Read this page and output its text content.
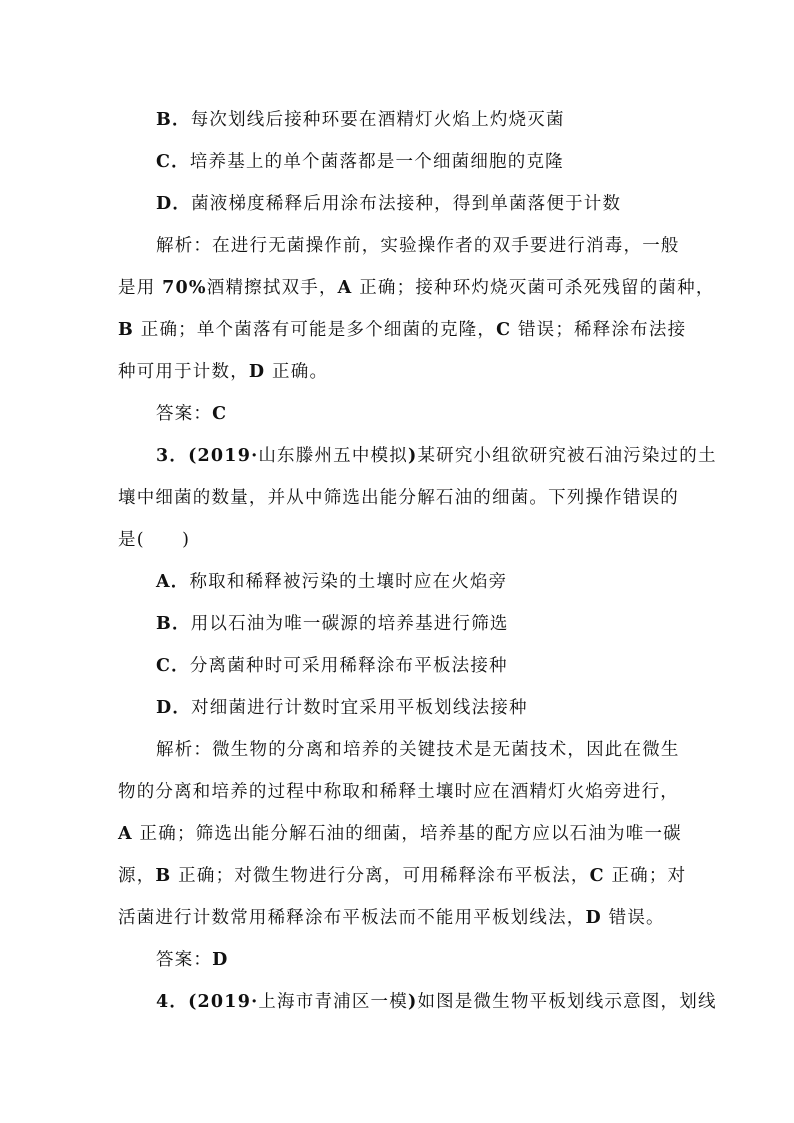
B．每次划线后接种环要在酒精灯火焰上灼烧灭菌
C．培养基上的单个菌落都是一个细菌细胞的克隆
D．菌液梯度稀释后用涂布法接种，得到单菌落便于计数
解析：在进行无菌操作前，实验操作者的双手要进行消毒，一般
是用 70%酒精擦拭双手，A 正确；接种环灼烧灭菌可杀死残留的菌种，
B 正确；单个菌落有可能是多个细菌的克隆，C 错误；稀释涂布法接
种可用于计数，D 正确。
答案：C
3．(2019·山东滕州五中模拟)某研究小组欲研究被石油污染过的土
壤中细菌的数量，并从中筛选出能分解石油的细菌。下列操作错误的
是(　　)
A．称取和稀释被污染的土壤时应在火焰旁
B．用以石油为唯一碳源的培养基进行筛选
C．分离菌种时可采用稀释涂布平板法接种
D．对细菌进行计数时宜采用平板划线法接种
解析：微生物的分离和培养的关键技术是无菌技术，因此在微生
物的分离和培养的过程中称取和稀释土壤时应在酒精灯火焰旁进行，
A 正确；筛选出能分解石油的细菌，培养基的配方应以石油为唯一碳
源，B 正确；对微生物进行分离，可用稀释涂布平板法，C 正确；对
活菌进行计数常用稀释涂布平板法而不能用平板划线法，D 错误。
答案：D
4．(2019·上海市青浦区一模)如图是微生物平板划线示意图，划线
